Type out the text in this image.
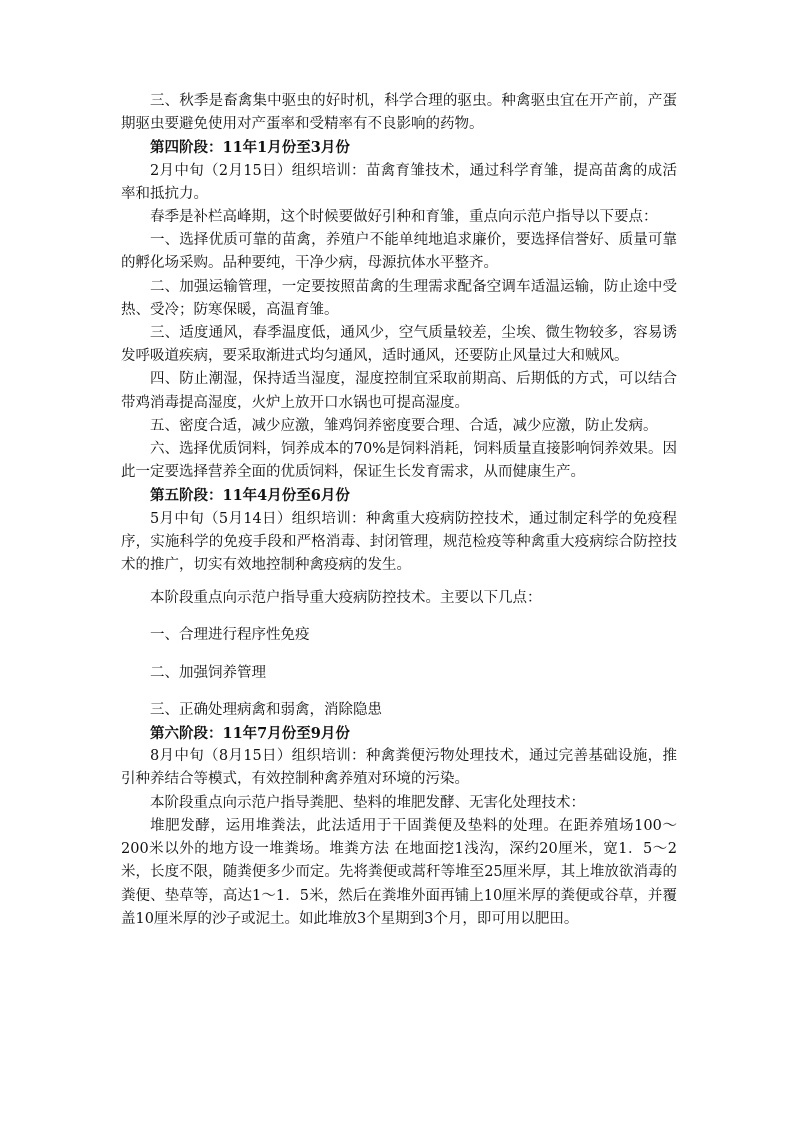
三、秋季是畜禽集中驱虫的好时机，科学合理的驱虫。种禽驱虫宜在开产前，产蛋期驱虫要避免使用对产蛋率和受精率有不良影响的药物。

第四阶段：11年1月份至3月份

2月中旬（2月15日）组织培训：苗禽育雏技术，通过科学育雏，提高苗禽的成活率和抵抗力。

春季是补栏高峰期，这个时候要做好引种和育雏，重点向示范户指导以下要点：

一、选择优质可靠的苗禽，养殖户不能单纯地追求廉价，要选择信誉好、质量可靠的孵化场采购。品种要纯，干净少病，母源抗体水平整齐。

二、加强运输管理，一定要按照苗禽的生理需求配备空调车适温运输，防止途中受热、受冷；防寒保暖，高温育雏。

三、适度通风，春季温度低，通风少，空气质量较差，尘埃、微生物较多，容易诱发呼吸道疾病，要采取渐进式均匀通风，适时通风，还要防止风量过大和贼风。

四、防止潮湿，保持适当湿度，湿度控制宜采取前期高、后期低的方式，可以结合带鸡消毒提高湿度，火炉上放开口水锅也可提高湿度。

五、密度合适，减少应激，雏鸡饲养密度要合理、合适，减少应激，防止发病。

六、选择优质饲料，饲养成本的70%是饲料消耗，饲料质量直接影响饲养效果。因此一定要选择营养全面的优质饲料，保证生长发育需求，从而健康生产。

第五阶段：11年4月份至6月份

5月中旬（5月14日）组织培训：种禽重大疫病防控技术，通过制定科学的免疫程序，实施科学的免疫手段和严格消毒、封闭管理，规范检疫等种禽重大疫病综合防控技术的推广，切实有效地控制种禽疫病的发生。

本阶段重点向示范户指导重大疫病防控技术。主要以下几点：

一、合理进行程序性免疫

二、加强饲养管理

三、正确处理病禽和弱禽，消除隐患

第六阶段：11年7月份至9月份

8月中旬（8月15日）组织培训：种禽粪便污物处理技术，通过完善基础设施，推引种养结合等模式，有效控制种禽养殖对环境的污染。

本阶段重点向示范户指导粪肥、垫料的堆肥发酵、无害化处理技术：

堆肥发酵，运用堆粪法，此法适用于干固粪便及垫料的处理。在距养殖场100～200米以外的地方设一堆粪场。堆粪方法 在地面挖1浅沟，深约20厘米，宽1．5～2米，长度不限，随粪便多少而定。先将粪便或蒿秆等堆至25厘米厚，其上堆放欲消毒的粪便、垫草等，高达1～1．5米，然后在粪堆外面再铺上10厘米厚的粪便或谷草，并覆盖10厘米厚的沙子或泥土。如此堆放3个星期到3个月，即可用以肥田。
